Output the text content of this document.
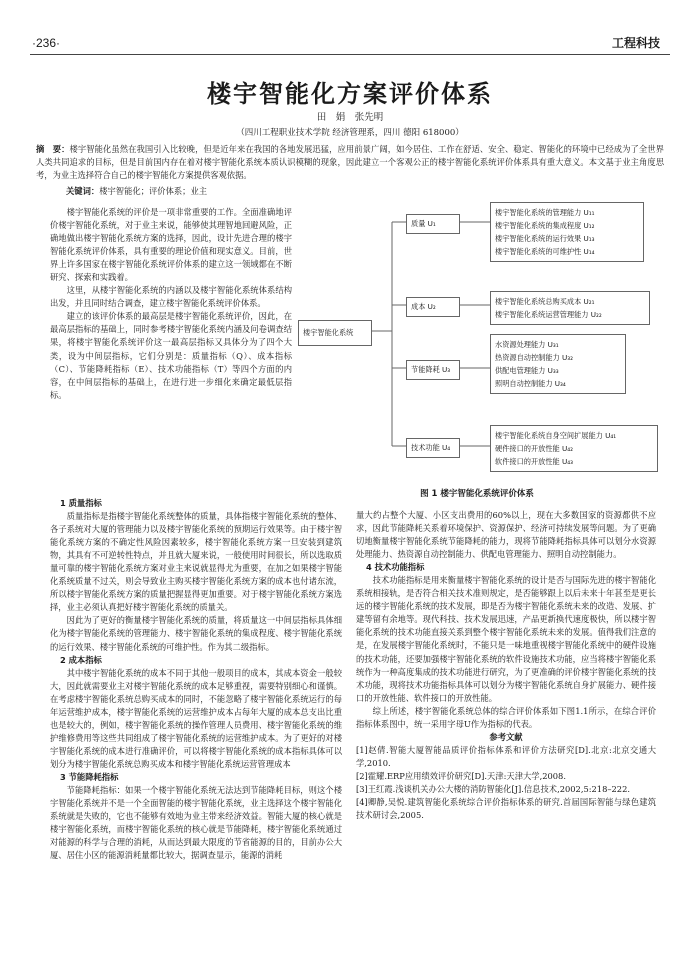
·236·	工程科技
楼宇智能化方案评价体系
田　娟　张先明
（四川工程职业技术学院 经济管理系，四川 德阳 618000）
摘　要：楼宇智能化虽然在我国引入比较晚，但是近年来在我国的各地发展迅猛，应用前景广阔，如今居住、工作在舒适、安全、稳定、智能化的环境中已经成为了全世界人类共同追求的目标，但是目前国内存在着对楼宇智能化系统本质认识模糊的现象，因此建立一个客观公正的楼宇智能化系统评价体系具有重大意义。本文基于业主角度思考，为业主选择符合自己的楼宇智能化方案提供客观依据。
关键词：楼宇智能化；评价体系；业主

楼宇智能化系统的评价是一项非常重要的工作。全面准确地评价楼宇智能化系统，对于业主来说，能够使其理智地回避风险，正确地做出楼宇智能化系统方案的选择，因此，设计先进合理的楼宇智能化系统评价体系，具有重要的理论价值和现实意义。目前，世界上许多国家在楼宇智能化系统评价体系的建立这一领域都在不断研究、探索和实践着。

这里，从楼宇智能化系统的内涵以及楼宇智能化系统体系结构出发，并且同时结合调查，建立楼宇智能化系统评价体系。

建立的该评价体系的最高层是楼宇智能化系统评价，因此，在最高层指标的基础上，同时参考楼宇智能化系统内涵及问卷调查结果，将楼宇智能化系统评价这一最高层指标又具体分为了四个大类，设为中间层指标，它们分别是：质量指标（Q）、成本指标（C）、节能降耗指标（E）、技术功能指标（T）等四个方面的内容，在中间层指标的基础上，在进行进一步细化来确定最低层指标。

楼宇智能化系统
质量 U₁
楼宇智能化系统的管理能力 U₁₁
楼宇智能化系统的集成程度 U₁₂
楼宇智能化系统的运行效果 U₁₃
楼宇智能化系统的可维护性 U₁₄
成本 U₂
楼宇智能化系统总购买成本 U₂₁
楼宇智能化系统运营管理能力 U₂₂
节能降耗 U₃
水资源处理能力 U₃₁
热资源自动控制能力 U₃₂
供配电管理能力 U₃₃
照明自动控制能力 U₃₄
技术功能 U₄
楼宇智能化系统自身空间扩展能力 U₄₁
硬件接口的开放性能 U₄₂
软件接口的开放性能 U₄₃
图 1 楼宇智能化系统评价体系
1 质量指标

质量指标是指楼宇智能化系统整体的质量，具体指楼宇智能化系统的整体、各子系统对大厦的管理能力以及楼宇智能化系统的预期运行效果等。由于楼宇智能化系统方案的不确定性风险因素较多，楼宇智能化系统方案一旦安装到建筑物，其具有不可逆转性特点，并且就大厦来说，一般使用时间很长，所以选取质量可靠的楼宇智能化系统方案对业主来说就显得尤为重要，在加之如果楼宇智能化系统质量不过关，则会导致业主购买楼宇智能化系统方案的成本也付诸东流，所以楼宇智能化系统方案的质量把握显得更加重要。对于楼宇智能化系统方案选择，业主必须认真把好楼宇智能化系统的质量关。

因此为了更好的衡量楼宇智能化系统的质量，将质量这一中间层指标具体细化为楼宇智能化系统的管理能力、楼宇智能化系统的集成程度、楼宇智能化系统的运行效果、楼宇智能化系统的可维护性。作为其二级指标。

2 成本指标

其中楼宇智能化系统的成本不同于其他一般项目的成本，其成本资金一般较大，因此就需要业主对楼宇智能化系统的成本足够重视，需要特别细心和谨慎。在考虑楼宇智能化系统总购买成本的同时，不能忽略了楼宇智能化系统运行的每年运营维护成本，楼宇智能化系统的运营维护成本占每年大厦的成本总支出比重也是较大的，例如，楼宇智能化系统的操作管理人员费用、楼宇智能化系统的维护维修费用等这些共同组成了楼宇智能化系统的运营维护成本。为了更好的对楼宇智能化系统的成本进行准确评价，可以将楼宇智能化系统的成本指标具体可以划分为楼宇智能化系统总购买成本和楼宇智能化系统运营管理成本

3 节能降耗指标

节能降耗指标：如果一个楼宇智能化系统无法达到节能降耗目标，则这个楼宇智能化系统并不是一个全面智能的楼宇智能化系统，业主选择这个楼宇智能化系统就是失败的，它也不能够有效地为业主带来经济效益。智能大厦的核心就是楼宇智能化系统，而楼宇智能化系统的核心就是节能降耗，楼宇智能化系统通过对能源的科学与合理的消耗，从而达到最大限度的节省能源的目的，目前办公大厦、居住小区的能源消耗量都比较大，据调查显示，能源的消耗

量大约占整个大厦、小区支出费用的60%以上，现在大多数国家的资源都供不应求，因此节能降耗关系着环境保护、资源保护、经济可持续发展等问题。为了更确切地衡量楼宇智能化系统节能降耗的能力，现将节能降耗指标具体可以划分水资源处理能力、热资源自动控制能力、供配电管理能力、照明自动控制能力。

4 技术功能指标

技术功能指标是用来衡量楼宇智能化系统的设计是否与国际先进的楼宇智能化系统相接轨，是否符合相关技术准则规定，是否能够跟上以后未来十年甚至是更长远的楼宇智能化系统的技术发展，即是否为楼宇智能化系统未来的改造、发展、扩建等留有余地等。现代科技、技术发展迅速，产品更新换代速度极快，所以楼宇智能化系统的技术功能直接关系到整个楼宇智能化系统未来的发展。值得我们注意的是，在发展楼宇智能化系统时，不能只是一味地重视楼宇智能化系统中的硬件设施的技术功能，还要加强楼宇智能化系统的软件设施技术功能，应当将楼宇智能化系统作为一种高度集成的技术功能进行研究，为了更准确的评价楼宇智能化系统的技术功能，现将技术功能指标具体可以划分为楼宇智能化系统自身扩展能力、硬件接口的开放性能、软件接口的开放性能。

综上所述，楼宇智能化系统总体的综合评价体系如下图1.1所示，在综合评价指标体系图中，统一采用字母U作为指标的代表。

参考文献

[1]赵倩.智能大厦智能品质评价指标体系和评价方法研究[D].北京:北京交通大学,2010.

[2]霍耀.ERP应用绩效评价研究[D].天津:天津大学,2008.

[3]王红霞.浅谈机关办公大楼的消防智能化[J].信息技术,2002,5:218–222.

[4]卿静,吴悦.建筑智能化系统综合评价指标体系的研究.首届国际智能与绿色建筑技术研讨会,2005.
